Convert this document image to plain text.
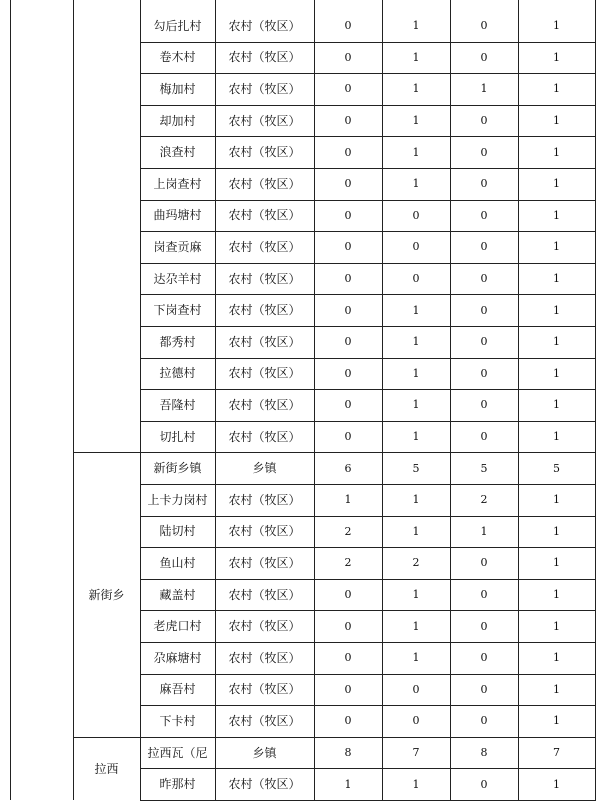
新街乡
拉西
勾后扎村	农村（牧区）	0	1	0	1
卷木村	农村（牧区）	0	1	0	1
梅加村	农村（牧区）	0	1	1	1
却加村	农村（牧区）	0	1	0	1
浪查村	农村（牧区）	0	1	0	1
上岗查村	农村（牧区）	0	1	0	1
曲玛塘村	农村（牧区）	0	0	0	1
岗查贡麻	农村（牧区）	0	0	0	1
达尕羊村	农村（牧区）	0	0	0	1
下岗查村	农村（牧区）	0	1	0	1
都秀村	农村（牧区）	0	1	0	1
拉德村	农村（牧区）	0	1	0	1
吾隆村	农村（牧区）	0	1	0	1
切扎村	农村（牧区）	0	1	0	1
新街乡镇	乡镇	6	5	5	5
上卡力岗村	农村（牧区）	1	1	2	1
陆切村	农村（牧区）	2	1	1	1
鱼山村	农村（牧区）	2	2	0	1
藏盖村	农村（牧区）	0	1	0	1
老虎口村	农村（牧区）	0	1	0	1
尕麻塘村	农村（牧区）	0	1	0	1
麻吾村	农村（牧区）	0	0	0	1
下卡村	农村（牧区）	0	0	0	1
拉西瓦（尼	乡镇	8	7	8	7
昨那村	农村（牧区）	1	1	0	1
